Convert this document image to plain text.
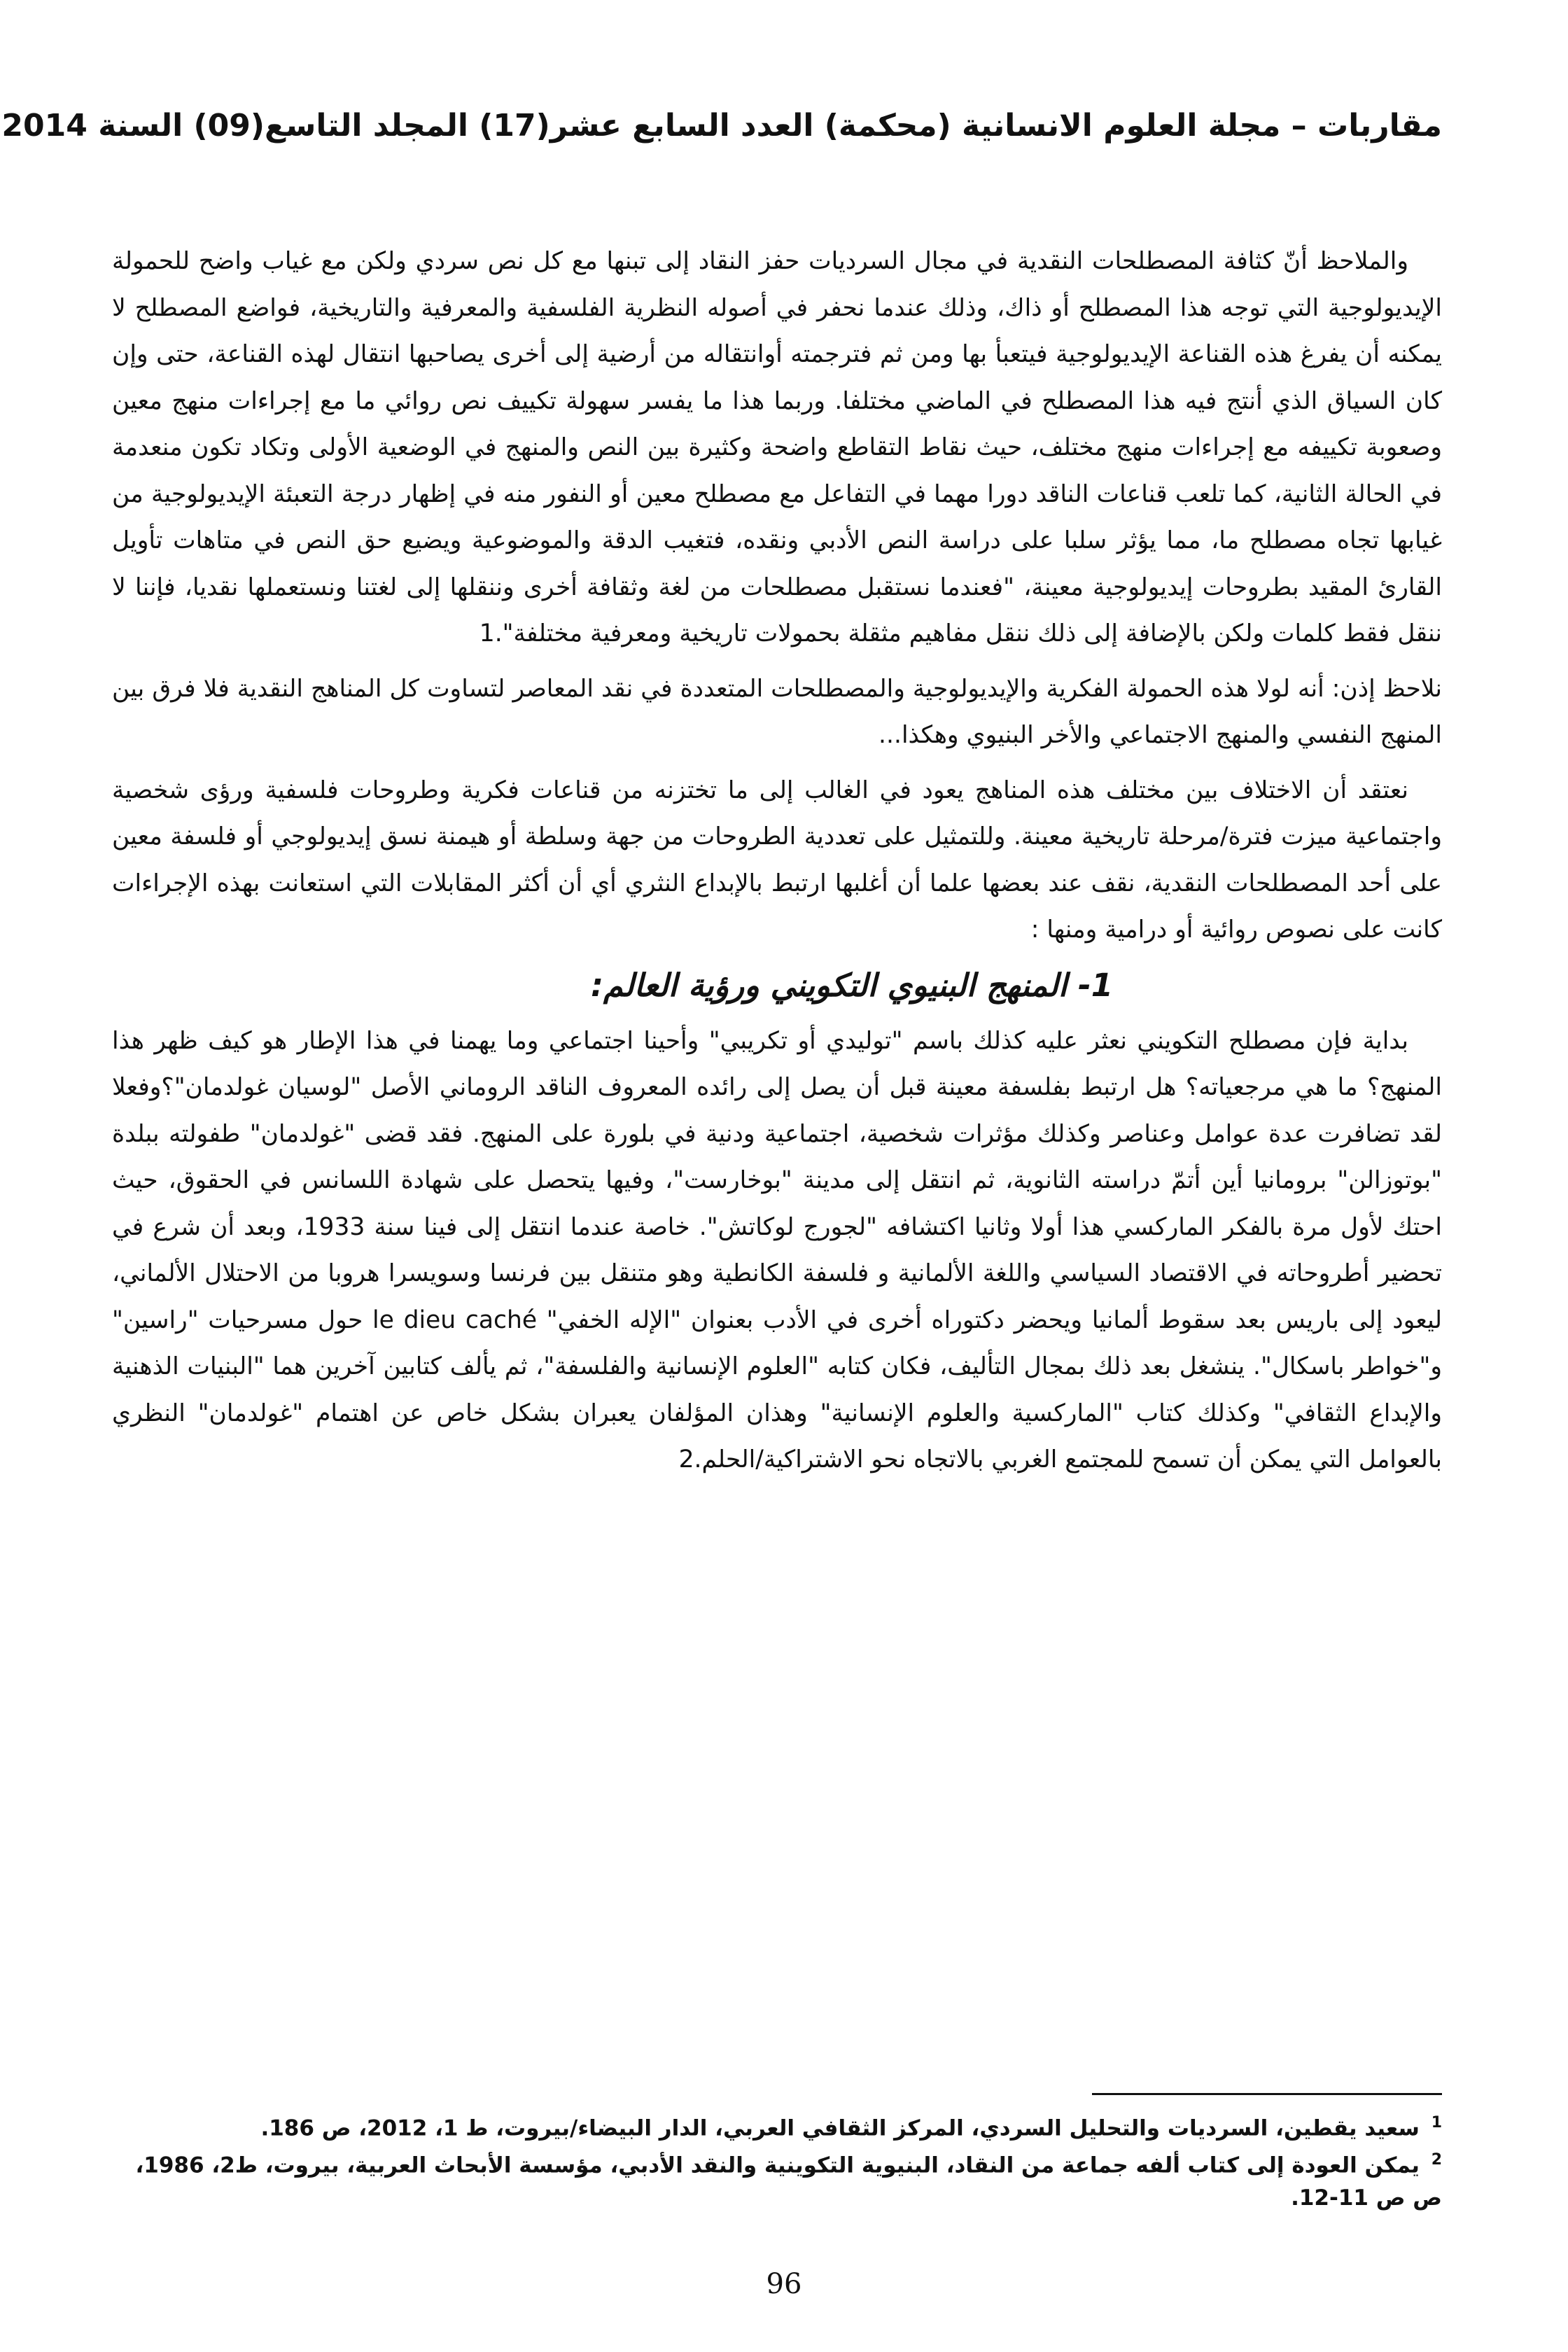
مقاربات – مجلة العلوم الانسانية (محكمة) العدد السابع عشر(17) المجلد التاسع(09) السنة 2014

والملاحظ أنّ كثافة المصطلحات النقدية في مجال السرديات حفز النقاد إلى تبنها مع كل نص سردي ولكن مع غياب واضح للحمولة الإيديولوجية التي توجه هذا المصطلح أو ذاك، وذلك عندما نحفر في أصوله النظرية الفلسفية والمعرفية والتاريخية، فواضع المصطلح لا يمكنه أن يفرغ هذه القناعة الإيديولوجية فيتعبأ بها ومن ثم فترجمته أوانتقاله من أرضية إلى أخرى يصاحبها انتقال لهذه القناعة، حتى وإن كان السياق الذي أنتج فيه هذا المصطلح في الماضي مختلفا. وربما هذا ما يفسر سهولة تكييف نص روائي ما مع إجراءات منهج معين وصعوبة تكييفه مع إجراءات منهج مختلف، حيث نقاط التقاطع واضحة وكثيرة بين النص والمنهج في الوضعية الأولى وتكاد تكون منعدمة في الحالة الثانية، كما تلعب قناعات الناقد دورا مهما في التفاعل مع مصطلح معين أو النفور منه في إظهار درجة التعبئة الإيديولوجية من غيابها تجاه مصطلح ما، مما يؤثر سلبا على دراسة النص الأدبي ونقده، فتغيب الدقة والموضوعية ويضيع حق النص في متاهات تأويل القارئ المقيد بطروحات إيديولوجية معينة، "فعندما نستقبل مصطلحات من لغة وثقافة أخرى وننقلها إلى لغتنا ونستعملها نقديا، فإننا لا ننقل فقط كلمات ولكن بالإضافة إلى ذلك ننقل مفاهيم مثقلة بحمولات تاريخية ومعرفية مختلفة".1

نلاحظ إذن: أنه لولا هذه الحمولة الفكرية والإيديولوجية والمصطلحات المتعددة في نقد المعاصر لتساوت كل المناهج النقدية فلا فرق بين المنهج النفسي والمنهج الاجتماعي والأخر البنيوي وهكذا...

نعتقد أن الاختلاف بين مختلف هذه المناهج يعود في الغالب إلى ما تختزنه من قناعات فكرية وطروحات فلسفية ورؤى شخصية واجتماعية ميزت فترة/مرحلة تاريخية معينة. وللتمثيل على تعددية الطروحات من جهة وسلطة أو هيمنة نسق إيديولوجي أو فلسفة معين على أحد المصطلحات النقدية، نقف عند بعضها علما أن أغلبها ارتبط بالإبداع النثري أي أن أكثر المقابلات التي استعانت بهذه الإجراءات كانت على نصوص روائية أو درامية ومنها :

1- المنهج البنيوي التكويني ورؤية العالم:

بداية فإن مصطلح التكويني نعثر عليه كذلك باسم "توليدي أو تكريبي" وأحينا اجتماعي وما يهمنا في هذا الإطار هو كيف ظهر هذا المنهج؟ ما هي مرجعياته؟ هل ارتبط بفلسفة معينة قبل أن يصل إلى رائده المعروف الناقد الروماني الأصل "لوسيان غولدمان"؟وفعلا لقد تضافرت عدة عوامل وعناصر وكذلك مؤثرات شخصية، اجتماعية ودنية في بلورة على المنهج. فقد قضى "غولدمان" طفولته ببلدة "بوتوزالن" برومانيا أين أتمّ دراسته الثانوية، ثم انتقل إلى مدينة "بوخارست"، وفيها يتحصل على شهادة اللسانس في الحقوق، حيث احتك لأول مرة بالفكر الماركسي هذا أولا وثانيا اكتشافه "لجورج لوكاتش". خاصة عندما انتقل إلى فينا سنة 1933، وبعد أن شرع في تحضير أطروحاته في الاقتصاد السياسي واللغة الألمانية و فلسفة الكانطية وهو متنقل بين فرنسا وسويسرا هروبا من الاحتلال الألماني، ليعود إلى باريس بعد سقوط ألمانيا ويحضر دكتوراه أخرى في الأدب بعنوان "الإله الخفي" le dieu caché حول مسرحيات "راسين" و"خواطر باسكال". ينشغل بعد ذلك بمجال التأليف، فكان كتابه "العلوم الإنسانية والفلسفة"، ثم يألف كتابين آخرين هما "البنيات الذهنية والإبداع الثقافي" وكذلك كتاب "الماركسية والعلوم الإنسانية" وهذان المؤلفان يعبران بشكل خاص عن اهتمام "غولدمان" النظري بالعوامل التي يمكن أن تسمح للمجتمع الغربي بالاتجاه نحو الاشتراكية/الحلم.2

$^1$ سعيد يقطين، السرديات والتحليل السردي، المركز الثقافي العربي، الدار البيضاء/بيروت، ط 1، 2012، ص 186.

$^2$ يمكن العودة إلى كتاب ألفه جماعة من النقاد، البنيوية التكوينية والنقد الأدبي، مؤسسة الأبحاث العربية، بيروت، ط2، 1986، ص ص 11-12.

96
